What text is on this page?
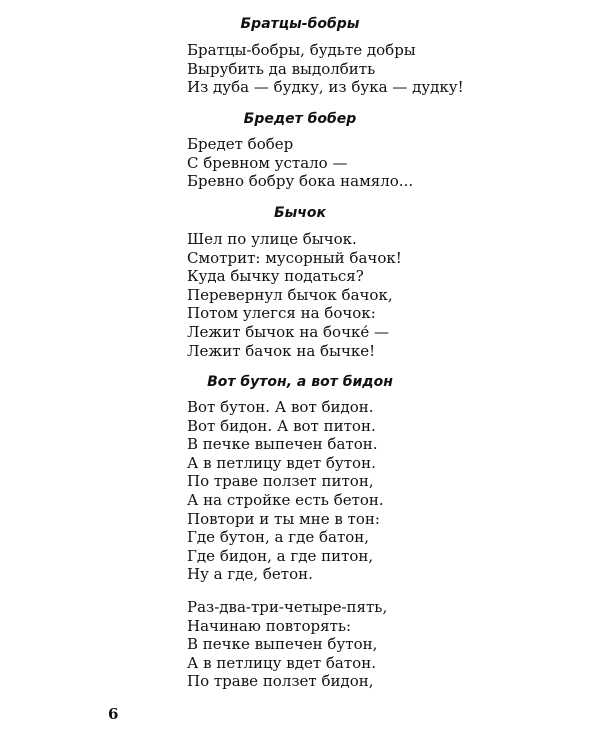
Братцы-бобры

Братцы-бобры, будьте добры

Вырубить да выдолбить

Из дуба — будку, из бука — дудку!

Бредет бобер

Бредет бобер

С бревном устало —

Бревно бобру бока намяло...

Бычок

Шел по улице бычок.

Смотрит: мусорный бачок!

Куда бычку податься?

Перевернул бычок бачок,

Потом улегся на бочок:

Лежит бычок на бочке́ —

Лежит бачок на бычке!

Вот бутон, а вот бидон

Вот бутон. А вот бидон.

Вот бидон. А вот питон.

В печке выпечен батон.

А в петлицу вдет бутон.

По траве ползет питон,

А на стройке есть бетон.

Повтори и ты мне в тон:

Где бутон, а где батон,

Где бидон, а где питон,

Ну а где, бетон.

Раз-два-три-четыре-пять,

Начинаю повторять:

В печке выпечен бутон,

А в петлицу вдет батон.

По траве ползет бидон,

6
